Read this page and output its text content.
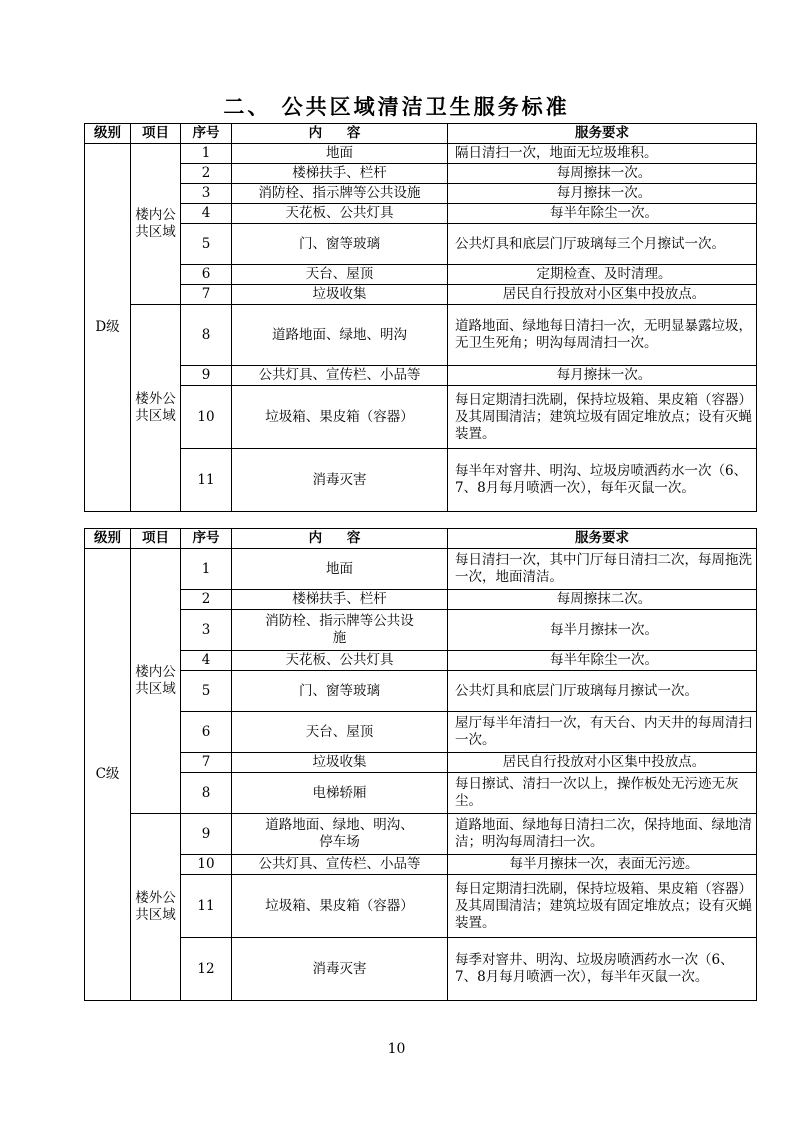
二、 公共区域清洁卫生服务标准
级别	项目	序号	内 容	服务要求
D级	楼内公共区域	1	地面	隔日清扫一次，地面无垃圾堆积。
		2	楼梯扶手、栏杆	每周擦抹一次。
		3	消防栓、指示牌等公共设施	每月擦抹一次。
		4	天花板、公共灯具	每半年除尘一次。
		5	门、窗等玻璃	公共灯具和底层门厅玻璃每三个月擦试一次。
		6	天台、屋顶	定期检查、及时清理。
		7	垃圾收集	居民自行投放对小区集中投放点。
	楼外公共区域	8	道路地面、绿地、明沟	道路地面、绿地每日清扫一次，无明显暴露垃圾，无卫生死角；明沟每周清扫一次。
		9	公共灯具、宣传栏、小品等	每月擦抹一次。
		10	垃圾箱、果皮箱（容器）	每日定期清扫洗刷，保持垃圾箱、果皮箱（容器）及其周围清洁；建筑垃圾有固定堆放点；设有灭蝇装置。
		11	消毒灭害	每半年对窨井、明沟、垃圾房喷洒药水一次（6、7、8月每月喷洒一次），每年灭鼠一次。
级别	项目	序号	内 容	服务要求
C级	楼内公共区域	1	地面	每日清扫一次，其中门厅每日清扫二次，每周拖洗一次，地面清洁。
		2	楼梯扶手、栏杆	每周擦抹二次。
		3	消防栓、指示牌等公共设施	每半月擦抹一次。
		4	天花板、公共灯具	每半年除尘一次。
		5	门、窗等玻璃	公共灯具和底层门厅玻璃每月擦试一次。
		6	天台、屋顶	屋厅每半年清扫一次，有天台、内天井的每周清扫一次。
		7	垃圾收集	居民自行投放对小区集中投放点。
		8	电梯轿厢	每日擦试、清扫一次以上，操作板处无污迹无灰尘。
	楼外公共区域	9	道路地面、绿地、明沟、停车场	道路地面、绿地每日清扫二次，保持地面、绿地清洁；明沟每周清扫一次。
		10	公共灯具、宣传栏、小品等	每半月擦抹一次，表面无污迹。
		11	垃圾箱、果皮箱（容器）	每日定期清扫洗刷，保持垃圾箱、果皮箱（容器）及其周围清洁；建筑垃圾有固定堆放点；设有灭蝇装置。
		12	消毒灭害	每季对窨井、明沟、垃圾房喷洒药水一次（6、7、8月每月喷洒一次），每半年灭鼠一次。
10
